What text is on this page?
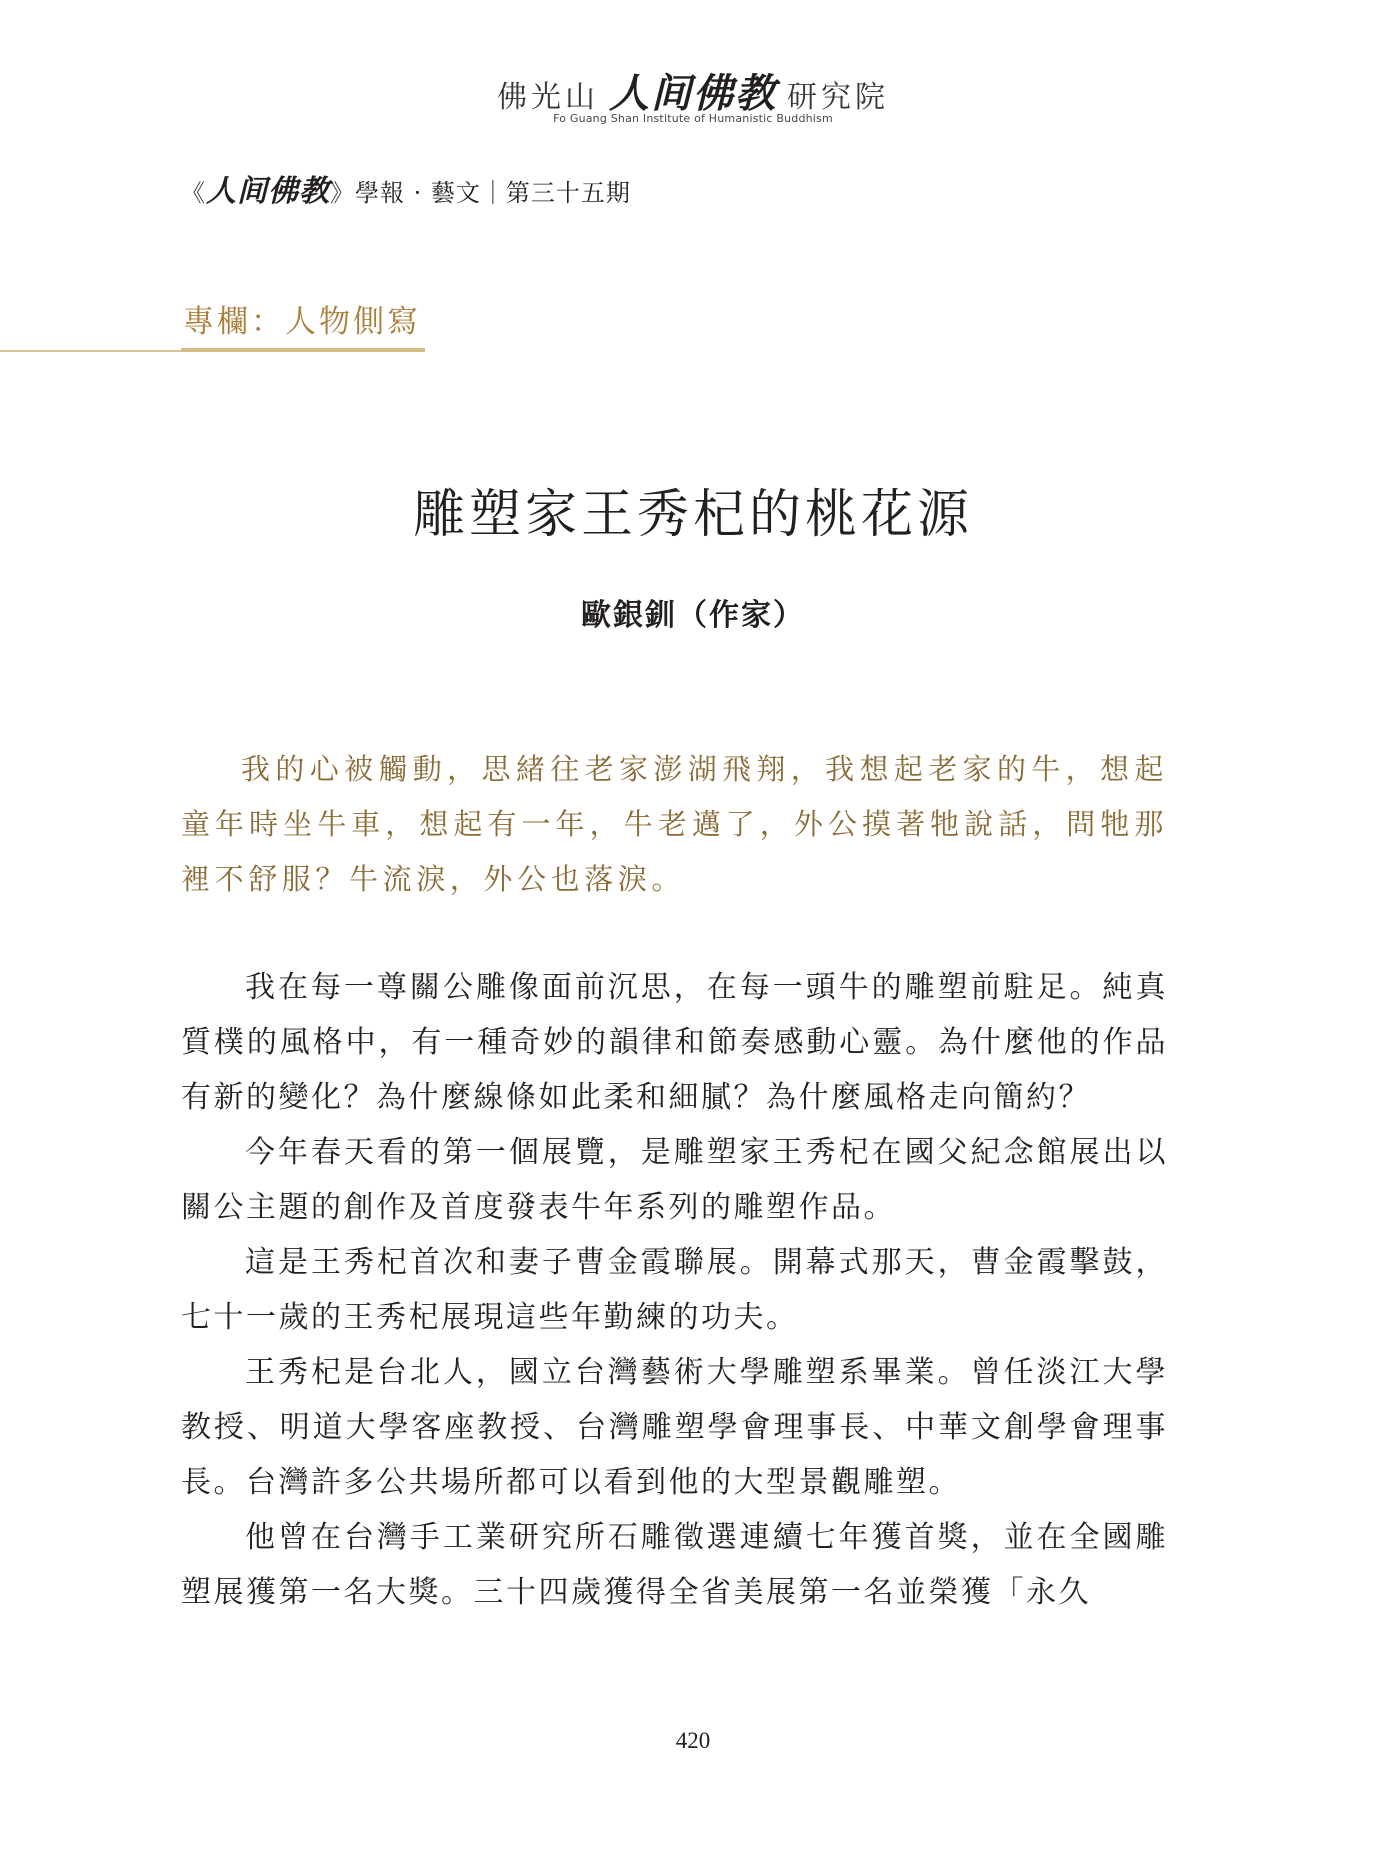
佛光山 人间佛教 研究院
Fo Guang Shan Institute of Humanistic Buddhism
《人间佛教》學報 · 藝文｜第三十五期
專欄：人物側寫
雕塑家王秀杞的桃花源
歐銀釧（作家）

我的心被觸動，思緒往老家澎湖飛翔，我想起老家的牛，想起童年時坐牛車，想起有一年，牛老邁了，外公摸著牠說話，問牠那裡不舒服？牛流淚，外公也落淚。

我在每一尊關公雕像面前沉思，在每一頭牛的雕塑前駐足。純真質樸的風格中，有一種奇妙的韻律和節奏感動心靈。為什麼他的作品有新的變化？為什麼線條如此柔和細膩？為什麼風格走向簡約？

今年春天看的第一個展覽，是雕塑家王秀杞在國父紀念館展出以關公主題的創作及首度發表牛年系列的雕塑作品。

這是王秀杞首次和妻子曹金霞聯展。開幕式那天，曹金霞擊鼓，七十一歲的王秀杞展現這些年勤練的功夫。

王秀杞是台北人，國立台灣藝術大學雕塑系畢業。曾任淡江大學教授、明道大學客座教授、台灣雕塑學會理事長、中華文創學會理事長。台灣許多公共場所都可以看到他的大型景觀雕塑。

他曾在台灣手工業研究所石雕徵選連續七年獲首獎，並在全國雕塑展獲第一名大獎。三十四歲獲得全省美展第一名並榮獲「永久

420
